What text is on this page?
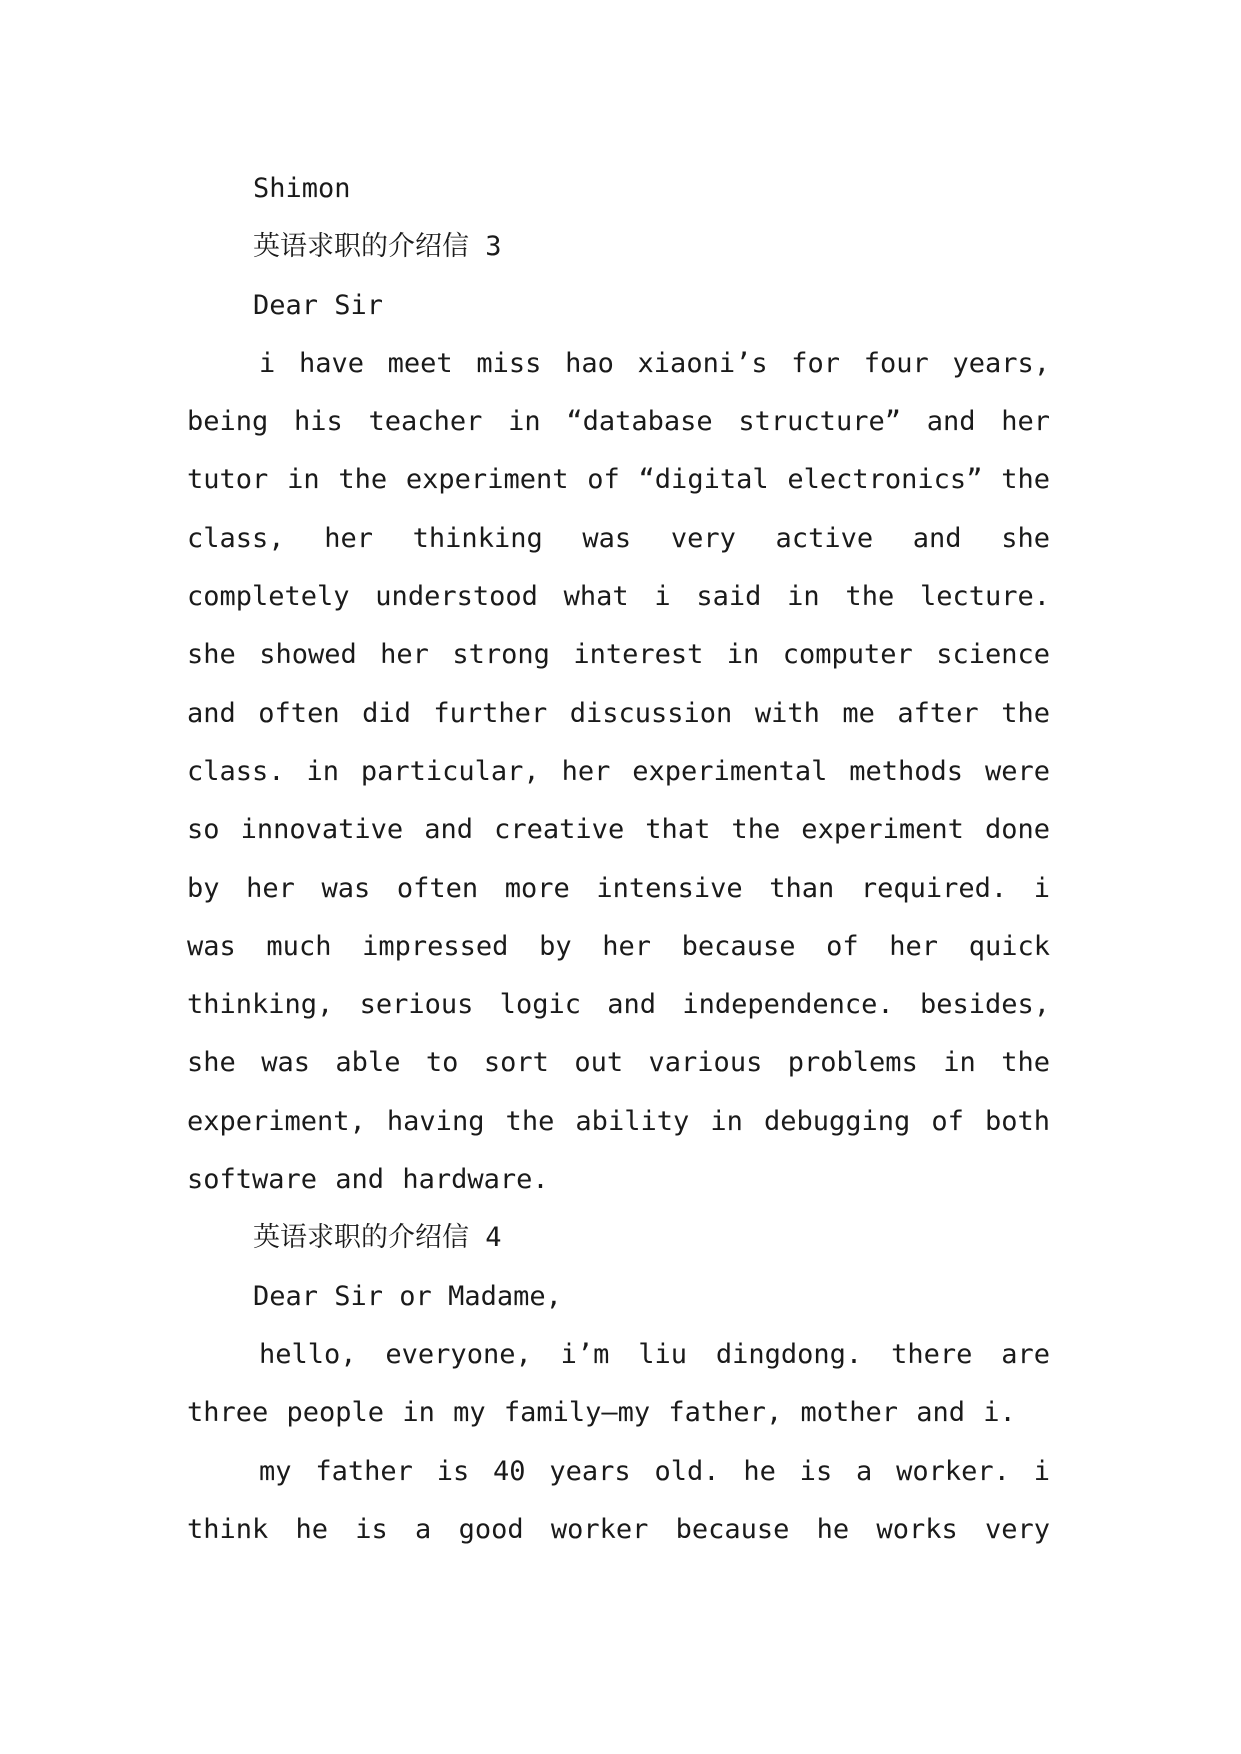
Shimon
英语求职的介绍信 3
Dear Sir
i have meet miss hao xiaoni’s for four years, being his teacher in “database structure” and her tutor in the experiment of “digital electronics” the class, her thinking was very active and she completely understood what i said in the lecture. she showed her strong interest in computer science and often did further discussion with me after the class. in particular, her experimental methods were so innovative and creative that the experiment done by her was often more intensive than required. i was much impressed by her because of her quick thinking, serious logic and independence. besides, she was able to sort out various problems in the experiment, having the ability in debugging of both software and hardware.
英语求职的介绍信 4
Dear Sir or Madame,
hello, everyone, i’m liu dingdong. there are three people in my family—my father, mother and i.
my father is 40 years old. he is a worker. i think he is a good worker because he works very
